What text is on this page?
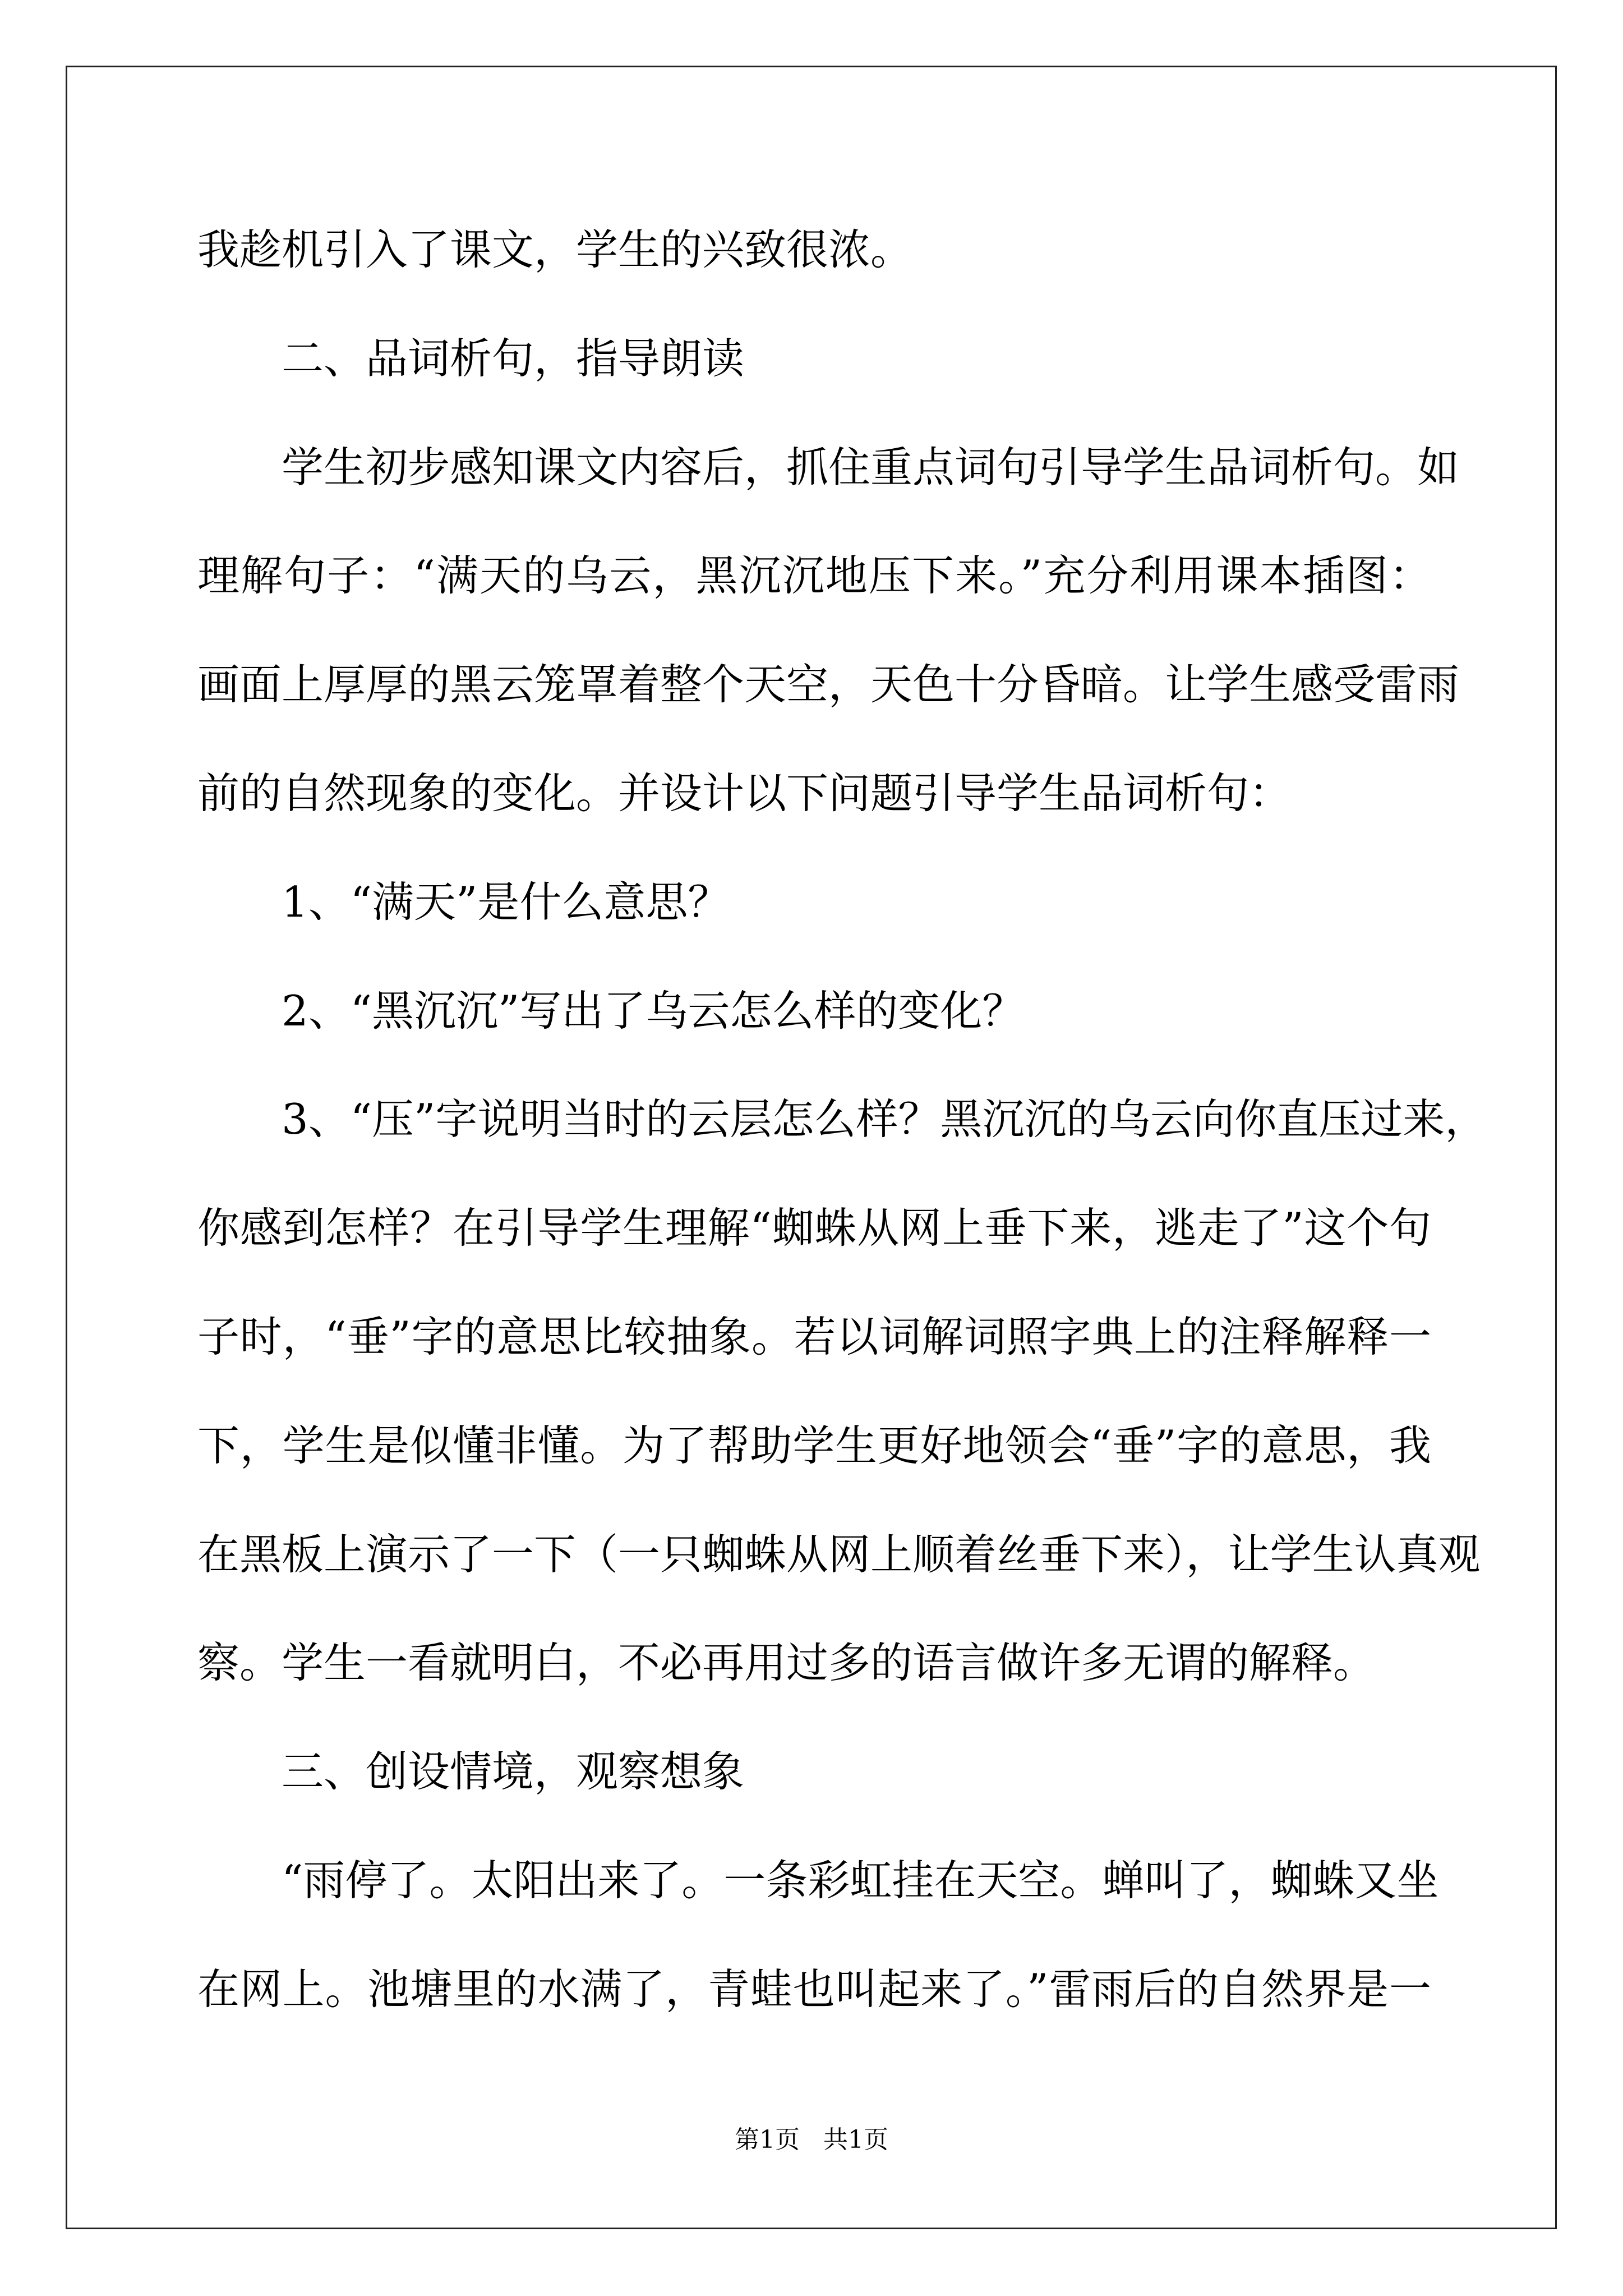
我趁机引入了课文，学生的兴致很浓。
二、品词析句，指导朗读
学生初步感知课文内容后，抓住重点词句引导学生品词析句。如
理解句子：“满天的乌云，黑沉沉地压下来。”充分利用课本插图：
画面上厚厚的黑云笼罩着整个天空，天色十分昏暗。让学生感受雷雨
前的自然现象的变化。并设计以下问题引导学生品词析句：
1、“满天”是什么意思？
2、“黑沉沉”写出了乌云怎么样的变化？
3、“压”字说明当时的云层怎么样？黑沉沉的乌云向你直压过来，
你感到怎样？在引导学生理解“蜘蛛从网上垂下来，逃走了”这个句
子时，“垂”字的意思比较抽象。若以词解词照字典上的注释解释一
下，学生是似懂非懂。为了帮助学生更好地领会“垂”字的意思，我
在黑板上演示了一下（一只蜘蛛从网上顺着丝垂下来），让学生认真观
察。学生一看就明白，不必再用过多的语言做许多无谓的解释。
三、创设情境，观察想象
“雨停了。太阳出来了。一条彩虹挂在天空。蝉叫了，蜘蛛又坐
在网上。池塘里的水满了，青蛙也叫起来了。”雷雨后的自然界是一
第1页   共1页
